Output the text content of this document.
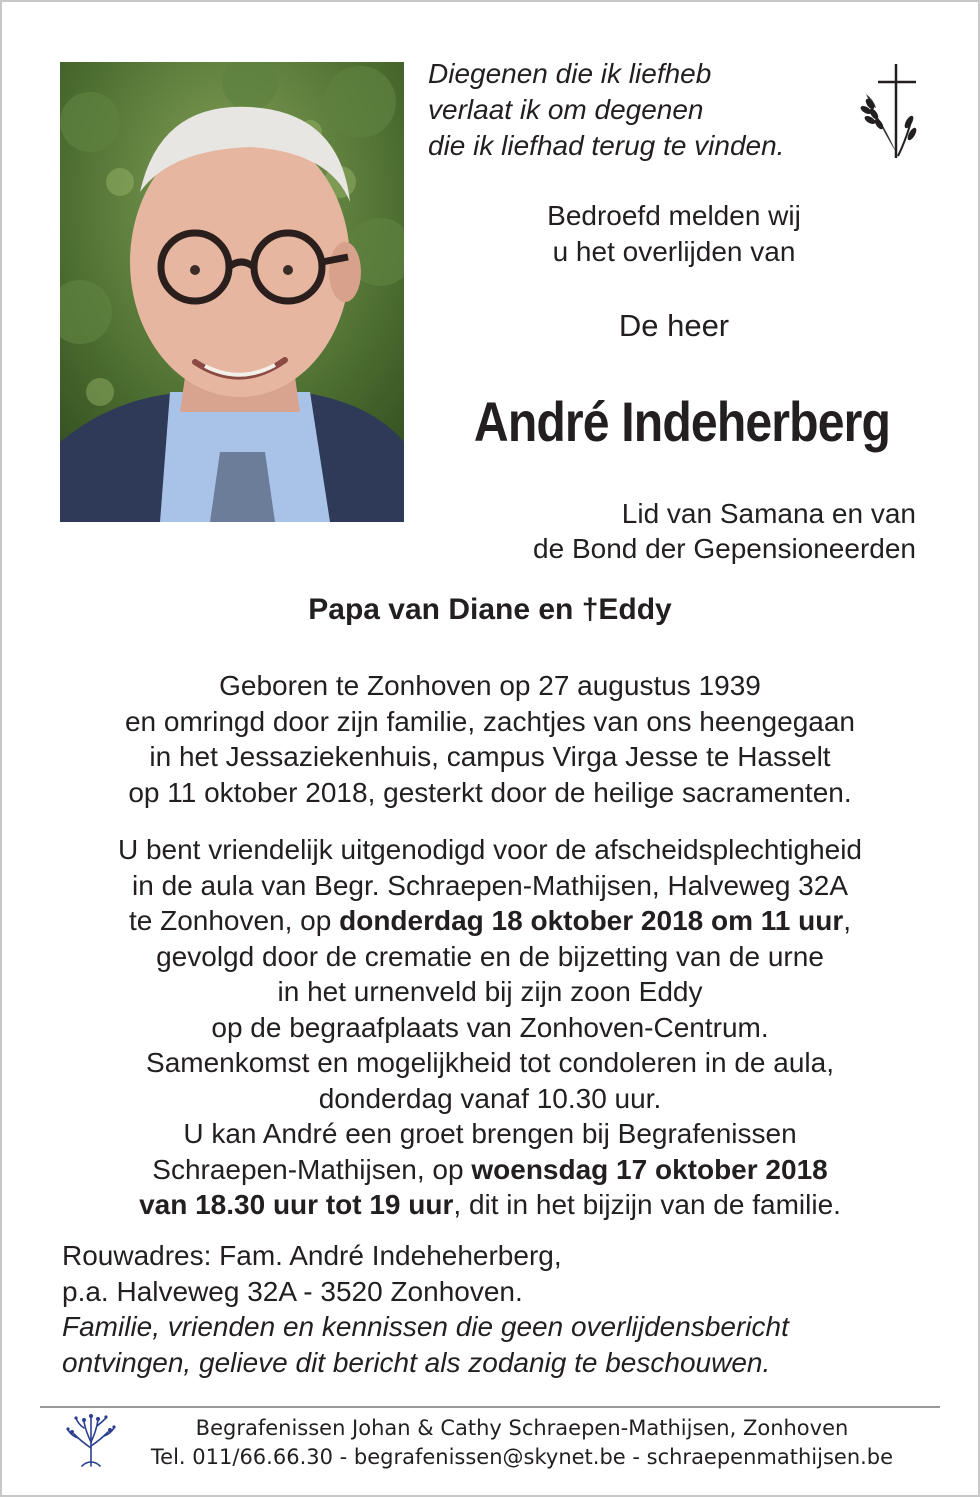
Diegenen die ik liefheb
verlaat ik om degenen
die ik liefhad terug te vinden.
Bedroefd melden wij
u het overlijden van
De heer
André Indeherberg
Lid van Samana en van
de Bond der Gepensioneerden
Papa van Diane en †Eddy
Geboren te Zonhoven op 27 augustus 1939
en omringd door zijn familie, zachtjes van ons heengegaan
in het Jessaziekenhuis, campus Virga Jesse te Hasselt
op 11 oktober 2018, gesterkt door de heilige sacramenten.
U bent vriendelijk uitgenodigd voor de afscheidsplechtigheid
in de aula van Begr. Schraepen-Mathijsen, Halveweg 32A
te Zonhoven, op donderdag 18 oktober 2018 om 11 uur,
gevolgd door de crematie en de bijzetting van de urne
in het urnenveld bij zijn zoon Eddy
op de begraafplaats van Zonhoven-Centrum.
Samenkomst en mogelijkheid tot condoleren in de aula,
donderdag vanaf 10.30 uur.
U kan André een groet brengen bij Begrafenissen
Schraepen-Mathijsen, op woensdag 17 oktober 2018
van 18.30 uur tot 19 uur, dit in het bijzijn van de familie.
Rouwadres: Fam. André Indeheherberg,
p.a. Halveweg 32A - 3520 Zonhoven.
Familie, vrienden en kennissen die geen overlijdensbericht
ontvingen, gelieve dit bericht als zodanig te beschouwen.
Begrafenissen Johan & Cathy Schraepen-Mathijsen, Zonhoven
Tel. 011/66.66.30 - begrafenissen@skynet.be - schraepenmathijsen.be
